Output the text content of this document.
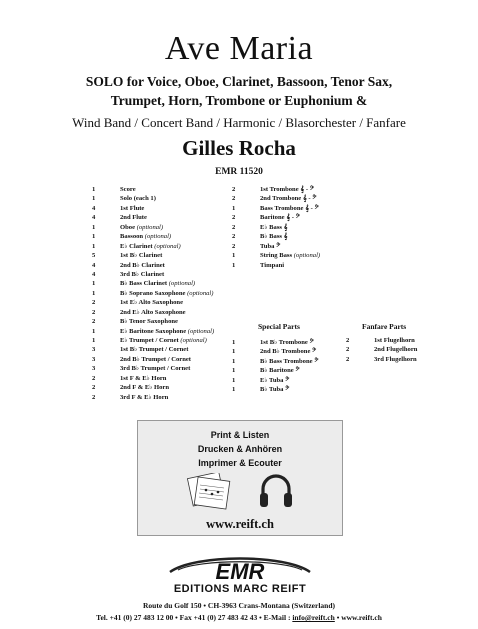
Ave Maria
SOLO for Voice, Oboe, Clarinet, Bassoon, Tenor Sax,
Trumpet, Horn, Trombone or Euphonium &
Wind Band / Concert Band / Harmonic / Blasorchester / Fanfare
Gilles Rocha
EMR 11520
1	Score
1	Solo (each 1)
4	1st Flute
4	2nd Flute
1	Oboe (optional)
1	Bassoon (optional)
1	E♭ Clarinet (optional)
5	1st B♭ Clarinet
4	2nd B♭ Clarinet
4	3rd B♭ Clarinet
1	B♭ Bass Clarinet (optional)
1	B♭ Soprano Saxophone (optional)
2	1st E♭ Alto Saxophone
2	2nd E♭ Alto Saxophone
2	B♭ Tenor Saxophone
1	E♭ Baritone Saxophone (optional)
1	E♭ Trumpet / Cornet (optional)
3	1st B♭ Trumpet / Cornet
3	2nd B♭ Trumpet / Cornet
3	3rd B♭ Trumpet / Cornet
2	1st F & E♭ Horn
2	2nd F & E♭ Horn
2	3rd F & E♭ Horn
2	1st Trombone 𝄞 - 𝄢
2	2nd Trombone 𝄞 - 𝄢
1	Bass Trombone 𝄞 - 𝄢
2	Baritone 𝄞 - 𝄢
2	E♭ Bass 𝄞
2	B♭ Bass 𝄞
2	Tuba 𝄢
1	String Bass (optional)
1	Timpani
Special Parts
1	1st B♭ Trombone 𝄢
1	2nd B♭ Trombone 𝄢
1	B♭ Bass Trombone 𝄢
1	B♭ Baritone 𝄢
1	E♭ Tuba 𝄢
1	B♭ Tuba 𝄢
Fanfare Parts
2	1st Flugelhorn
2	2nd Flugelhorn
2	3rd Flugelhorn
Print & Listen
Drucken & Anhören
Imprimer & Ecouter
www.reift.ch
EMR
EDITIONS MARC REIFT
Route du Golf 150 • CH-3963 Crans-Montana (Switzerland)
Tel. +41 (0) 27 483 12 00 • Fax +41 (0) 27 483 42 43 • E-Mail : info@reift.ch • www.reift.ch
